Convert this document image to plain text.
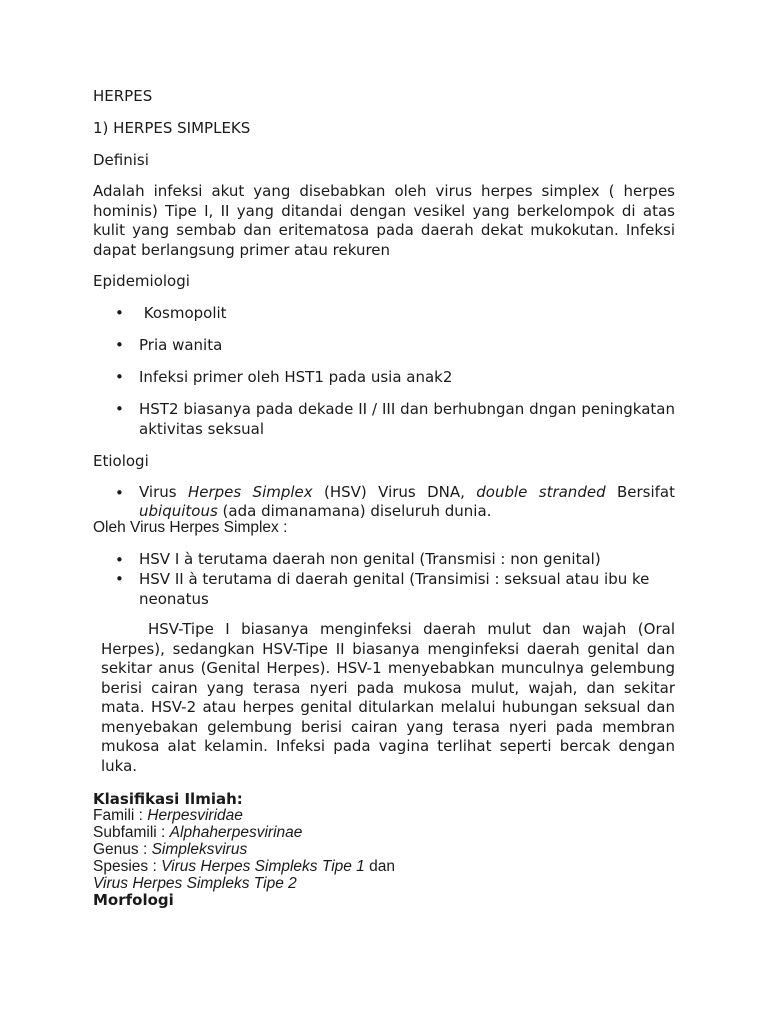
HERPES
1) HERPES SIMPLEKS
Definisi
Adalah infeksi akut yang disebabkan oleh virus herpes simplex ( herpes hominis) Tipe I, II yang ditandai dengan vesikel yang berkelompok di atas kulit yang sembab dan eritematosa pada daerah dekat mukokutan. Infeksi dapat berlangsung primer atau rekuren
Epidemiologi
• Kosmopolit
• Pria wanita
• Infeksi primer oleh HST1 pada usia anak2
• HST2 biasanya pada dekade II / III dan berhubngan dngan peningkatan aktivitas seksual
Etiologi
• Virus Herpes Simplex (HSV) Virus DNA, double stranded Bersifat ubiquitous (ada dimanamana) diseluruh dunia.
Oleh Virus Herpes Simplex :
• HSV I à terutama daerah non genital (Transmisi : non genital)
• HSV II à terutama di daerah genital (Transimisi : seksual atau ibu ke neonatus
HSV-Tipe I biasanya menginfeksi daerah mulut dan wajah (Oral Herpes), sedangkan HSV-Tipe II biasanya menginfeksi daerah genital dan sekitar anus (Genital Herpes). HSV-1 menyebabkan munculnya gelembung berisi cairan yang terasa nyeri pada mukosa mulut, wajah, dan sekitar mata. HSV-2 atau herpes genital ditularkan melalui hubungan seksual dan menyebakan gelembung berisi cairan yang terasa nyeri pada membran mukosa alat kelamin. Infeksi pada vagina terlihat seperti bercak dengan luka.
Klasifikasi Ilmiah:
Famili : Herpesviridae
Subfamili : Alphaherpesvirinae
Genus : Simpleksvirus
Spesies : Virus Herpes Simpleks Tipe 1 dan
Virus Herpes Simpleks Tipe 2
Morfologi
